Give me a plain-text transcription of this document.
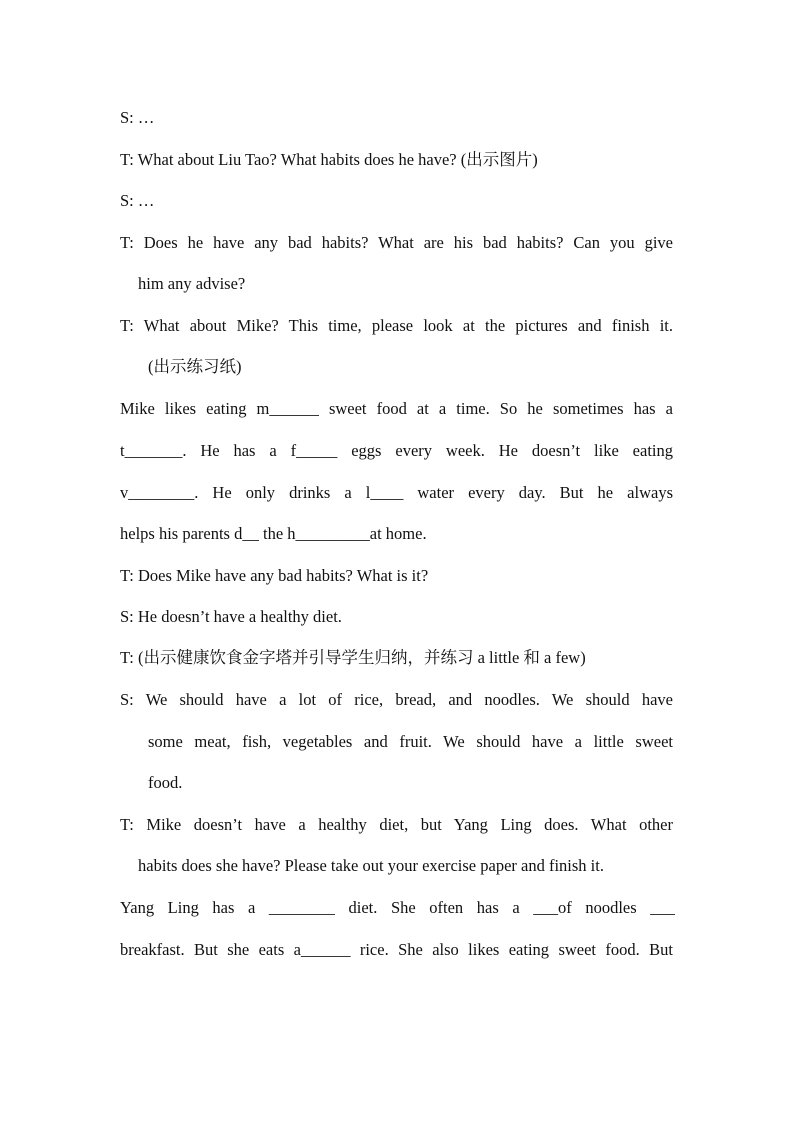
S: …
T: What about Liu Tao? What habits does he have? (出示图片)
S: …
T: Does he have any bad habits? What are his bad habits? Can you give
him any advise?
T: What about Mike? This time, please look at the pictures and finish it.
(出示练习纸)
Mike likes eating m______ sweet food at a time. So he sometimes has a
t_______. He has a f_____ eggs every week. He doesn’t like eating
v________. He only drinks a l____ water every day. But he always
helps his parents d__ the h_________at home.
T: Does Mike have any bad habits? What is it?
S: He doesn’t have a healthy diet.
T: (出示健康饮食金字塔并引导学生归纳，并练习 a little 和 a few)
S: We should have a lot of rice, bread, and noodles. We should have
some meat, fish, vegetables and fruit. We should have a little sweet
food.
T: Mike doesn’t have a healthy diet, but Yang Ling does. What other
habits does she have? Please take out your exercise paper and finish it.
Yang Ling has a ________ diet. She often has a ___of noodles ___
breakfast. But she eats a______ rice. She also likes eating sweet food. But
